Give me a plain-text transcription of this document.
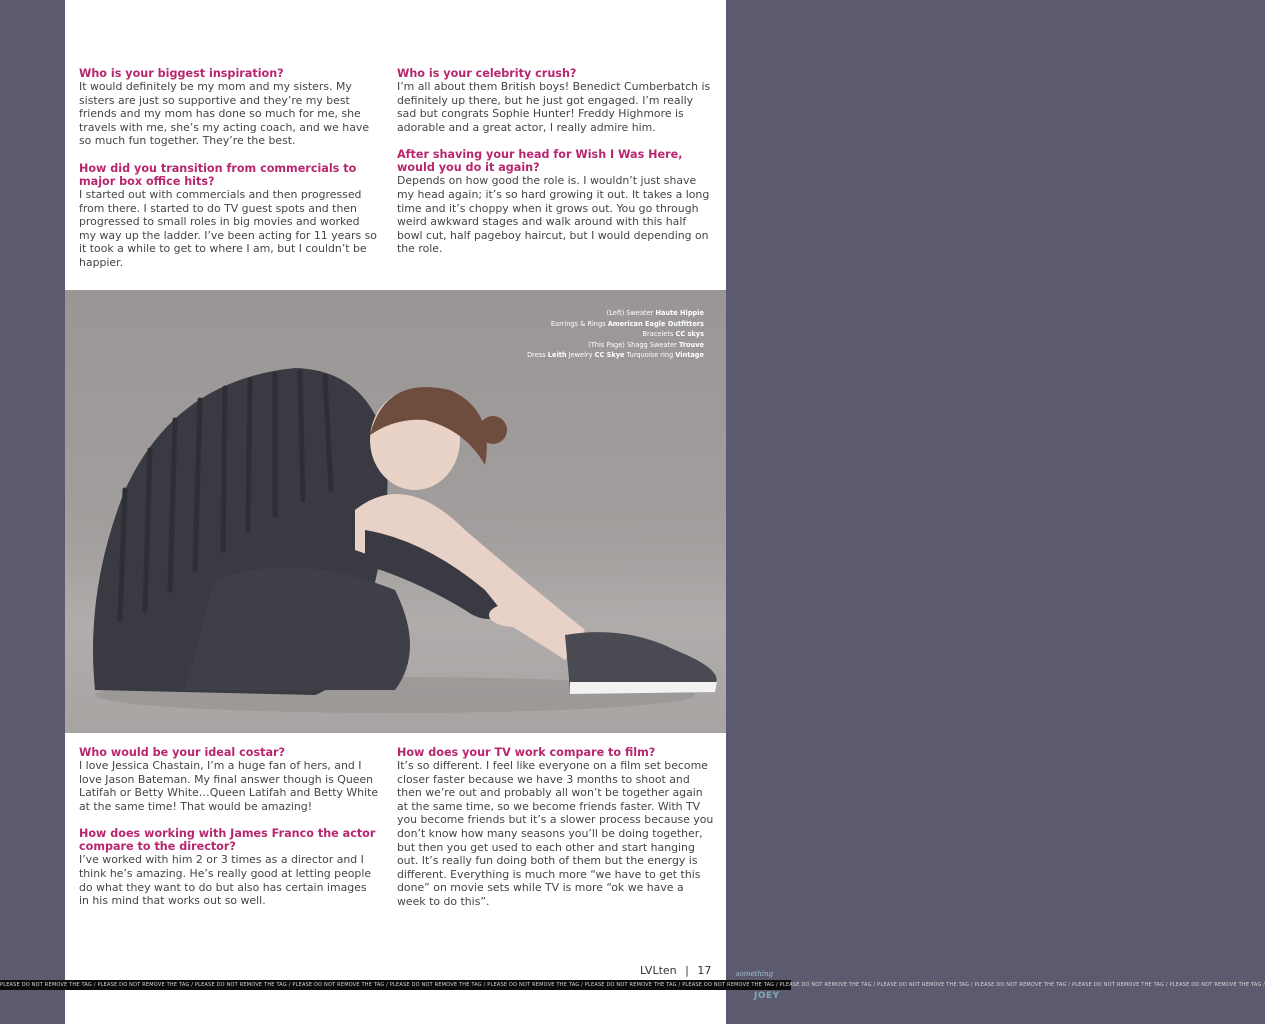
Who is your biggest inspiration?

It would definitely be my mom and my sisters. My sisters are just so supportive and they’re my best friends and my mom has done so much for me, she travels with me, she’s my acting coach, and we have so much fun together. They’re the best.

How did you transition from commercials to major box office hits?

I started out with commercials and then progressed from there. I started to do TV guest spots and then progressed to small roles in big movies and worked my way up the ladder. I’ve been acting for 11 years so it took a while to get to where I am, but I couldn’t be happier.

Who is your celebrity crush?

I’m all about them British boys! Benedict Cumberbatch is definitely up there, but he just got engaged. I’m really sad but congrats Sophie Hunter! Freddy Highmore is adorable and a great actor, I really admire him.

After shaving your head for Wish I Was Here, would you do it again?

Depends on how good the role is. I wouldn’t just shave my head again; it’s so hard growing it out. It takes a long time and it’s choppy when it grows out. You go through weird awkward stages and walk around with this half bowl cut, half pageboy haircut, but I would depending on the role.

(Left) Sweater Haute Hippie
Earrings & Rings American Eagle Outfitters
Bracelets CC skys
(This Page) Shagg Sweater Trouve
Dress Leith Jewelry CC Skye Turquoise ring Vintage

Who would be your ideal costar?

I love Jessica Chastain, I’m a huge fan of hers, and I love Jason Bateman. My final answer though is Queen Latifah or Betty White…Queen Latifah and Betty White at the same time! That would be amazing!

How does working with James Franco the actor compare to the director?

I’ve worked with him 2 or 3 times as a director and I think he’s amazing. He’s really good at letting people do what they want to do but also has certain images in his mind that works out so well.

How does your TV work compare to film?

It’s so different. I feel like everyone on a film set become closer faster because we have 3 months to shoot and then we’re out and probably all won’t be together again at the same time, so we become friends faster. With TV you become friends but it’s a slower process because you don’t know how many seasons you’ll be doing together, but then you get used to each other and start hanging out. It’s really fun doing both of them but the energy is different. Everything is much more “we have to get this done” on movie sets while TV is more “ok we have a week to do this”.

LVLten | 17
PLEASE DO NOT REMOVE THE TAG / PLEASE DO NOT REMOVE THE TAG / PLEASE DO NOT REMOVE THE TAG / PLEASE DO NOT REMOVE THE TAG / PLEASE DO NOT REMOVE THE TAG / PLEASE DO NOT REMOVE THE TAG / PLEASE DO NOT REMOVE THE TAG / PLEASE DO NOT REMOVE THE TAG / PLEASE DO NOT REMOVE THE TAG / PLEASE DO NOT REMOVE THE TAG / PLEASE DO NOT REMOVE THE TAG / PLEASE DO NOT REMOVE THE TAG / PLEASE DO NOT REMOVE THE TAG /
something
JOEY
